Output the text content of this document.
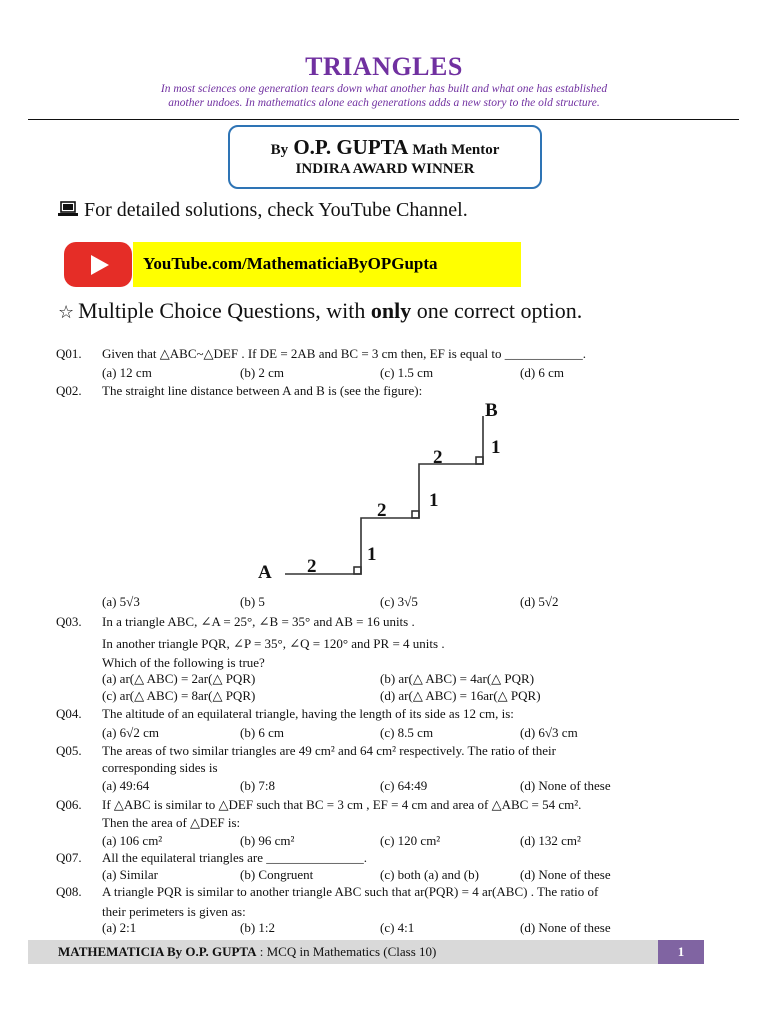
TRIANGLES
In most sciences one generation tears down what another has built and what one has established
another undoes. In mathematics alone each generations adds a new story to the old structure.
By O.P. GUPTA Math Mentor
INDIRA AWARD WINNER
For detailed solutions, check YouTube Channel.
YouTube.com/MathematiciaByOPGupta
☆ Multiple Choice Questions, with only one correct option.
Q01. Given that △ABC~△DEF . If DE = 2AB and BC = 3 cm then, EF is equal to ____________.
(a) 12 cm	(b) 2 cm	(c) 1.5 cm	(d) 6 cm
Q02. The straight line distance between A and B is (see the figure):
A
B
2
1
2 1
2	1
(a) 5√3	(b) 5	(c) 3√5	(d) 5√2
Q03. In a triangle ABC, ∠A = 25°, ∠B = 35° and AB = 16 units .
In another triangle PQR, ∠P = 35°, ∠Q = 120° and PR = 4 units .
Which of the following is true?
(a) ar(△ ABC) = 2ar(△ PQR)	(b) ar(△ ABC) = 4ar(△ PQR)
(c) ar(△ ABC) = 8ar(△ PQR)	(d) ar(△ ABC) = 16ar(△ PQR)
Q04. The altitude of an equilateral triangle, having the length of its side as 12 cm, is:
(a) 6√2 cm	(b) 6 cm	(c) 8.5 cm	(d) 6√3 cm
Q05. The areas of two similar triangles are 49 cm² and 64 cm² respectively. The ratio of their
corresponding sides is
(a) 49:64	(b) 7:8	(c) 64:49	(d) None of these
Q06. If △ABC is similar to △DEF such that BC = 3 cm , EF = 4 cm and area of △ABC = 54 cm².
Then the area of △DEF is:
(a) 106 cm²	(b) 96 cm²	(c) 120 cm²	(d) 132 cm²
Q07. All the equilateral triangles are _______________.
(a) Similar	(b) Congruent	(c) both (a) and (b)	(d) None of these
Q08. A triangle PQR is similar to another triangle ABC such that ar(PQR) = 4 ar(ABC) . The ratio of
their perimeters is given as:
(a) 2:1	(b) 1:2	(c) 4:1	(d) None of these
MATHEMATICIA By O.P. GUPTA : MCQ in Mathematics (Class 10)	1
